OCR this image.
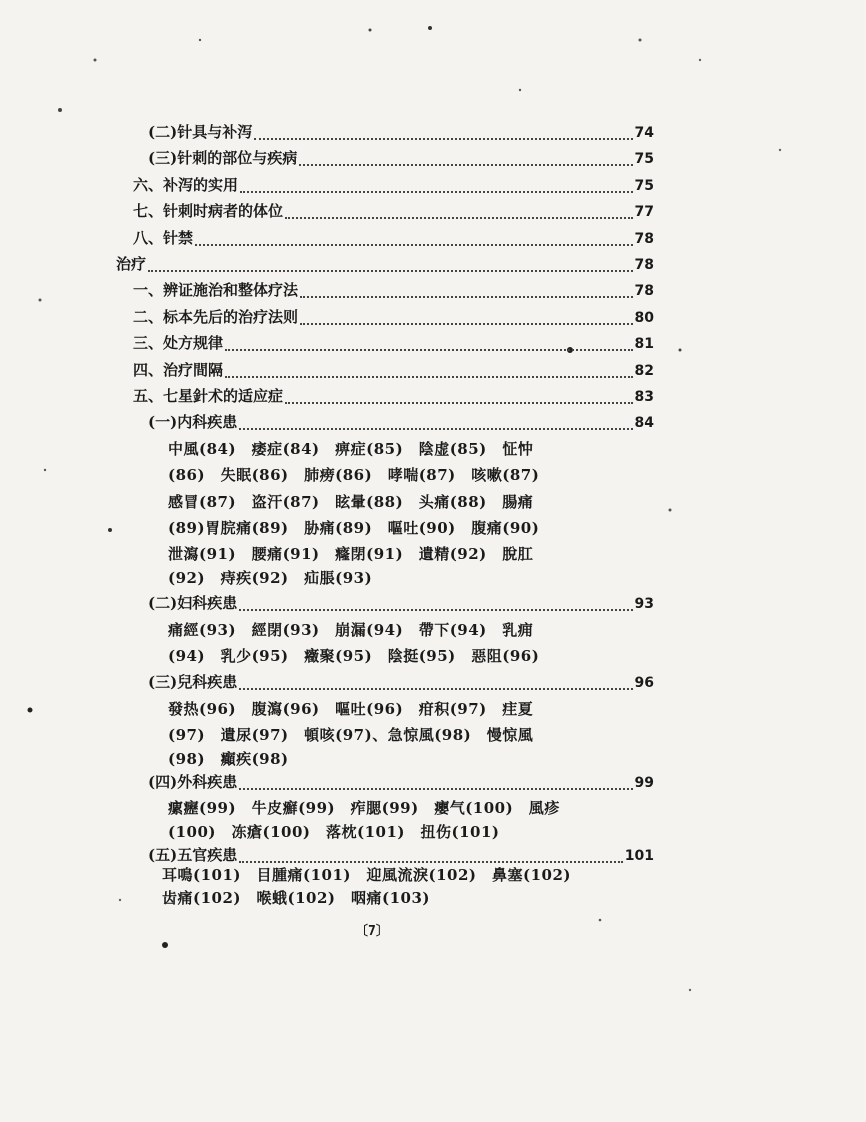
(二)针具与补泻	74
(三)针刺的部位与疾病	75
六、补泻的实用	75
七、针刺时病者的体位	77
八、针禁	78
治疗	78
一、辨证施治和整体疗法	78
二、标本先后的治疗法则	80
三、处方规律	81
四、治疗間隔	82
五、七星針术的适应症	83
(一)内科疾患	84
中風(84)　痿症(84)　痹症(85)　陰虚(85)　怔忡
(86)　失眠(86)　肺痨(86)　哮喘(87)　咳嗽(87)
感冒(87)　盗汗(87)　眩暈(88)　头痛(88)　腸痛
(89)胃脘痛(89)　胁痛(89)　嘔吐(90)　腹痛(90)
泄瀉(91)　腰痛(91)　癃閉(91)　遺精(92)　脫肛
(92)　痔疾(92)　疝脹(93)
(二)妇科疾患	93
痛經(93)　經閉(93)　崩漏(94)　帶下(94)　乳痈
(94)　乳少(95)　癥聚(95)　陰挺(95)　惡阻(96)
(三)兒科疾患	96
發热(96)　腹瀉(96)　嘔吐(96)　疳积(97)　疰夏
(97)　遺尿(97)　頓咳(97)、急惊風(98)　慢惊風
(98)　癲疾(98)
(四)外科疾患	99
瘰癧(99)　牛皮癬(99)　痄腮(99)　癭气(100)　風疹
(100)　冻瘡(100)　落枕(101)　扭伤(101)
(五)五官疾患	101
耳鳴(101)　目腫痛(101)　迎風流淚(102)　鼻塞(102)
齿痛(102)　喉蛾(102)　咽痛(103)
〔7〕
